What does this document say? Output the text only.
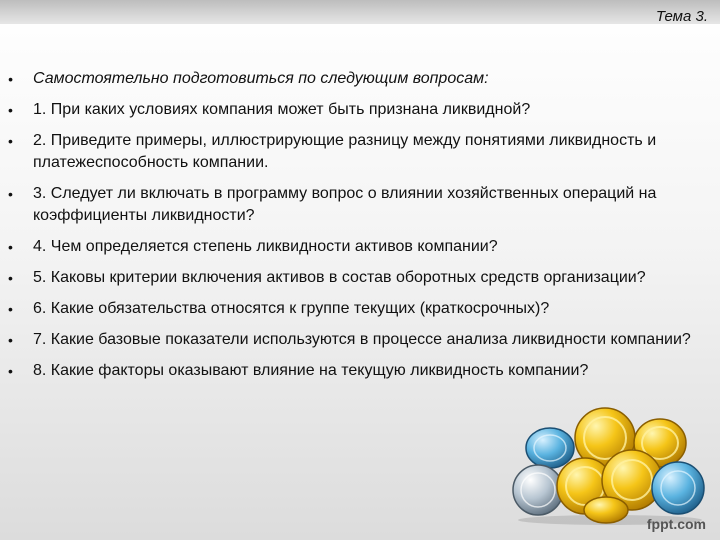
Тема 3.
• Самостоятельно подготовиться по следующим вопросам:
• 1. При каких условиях компания может быть признана ликвидной?
• 2. Приведите примеры, иллюстрирующие разницу между понятиями ликвидность и платежеспособность компании.
• 3. Следует ли включать в программу вопрос о влиянии хозяйственных операций на коэффициенты ликвидности?
• 4. Чем определяется степень ликвидности активов компании?
• 5. Каковы критерии включения активов в состав оборотных средств организации?
• 6. Какие обязательства относятся к группе текущих (краткосрочных)?
• 7. Какие базовые показатели используются в процессе анализа ликвидности компании?
• 8. Какие факторы оказывают влияние на текущую ликвидность компании?
fppt.com
